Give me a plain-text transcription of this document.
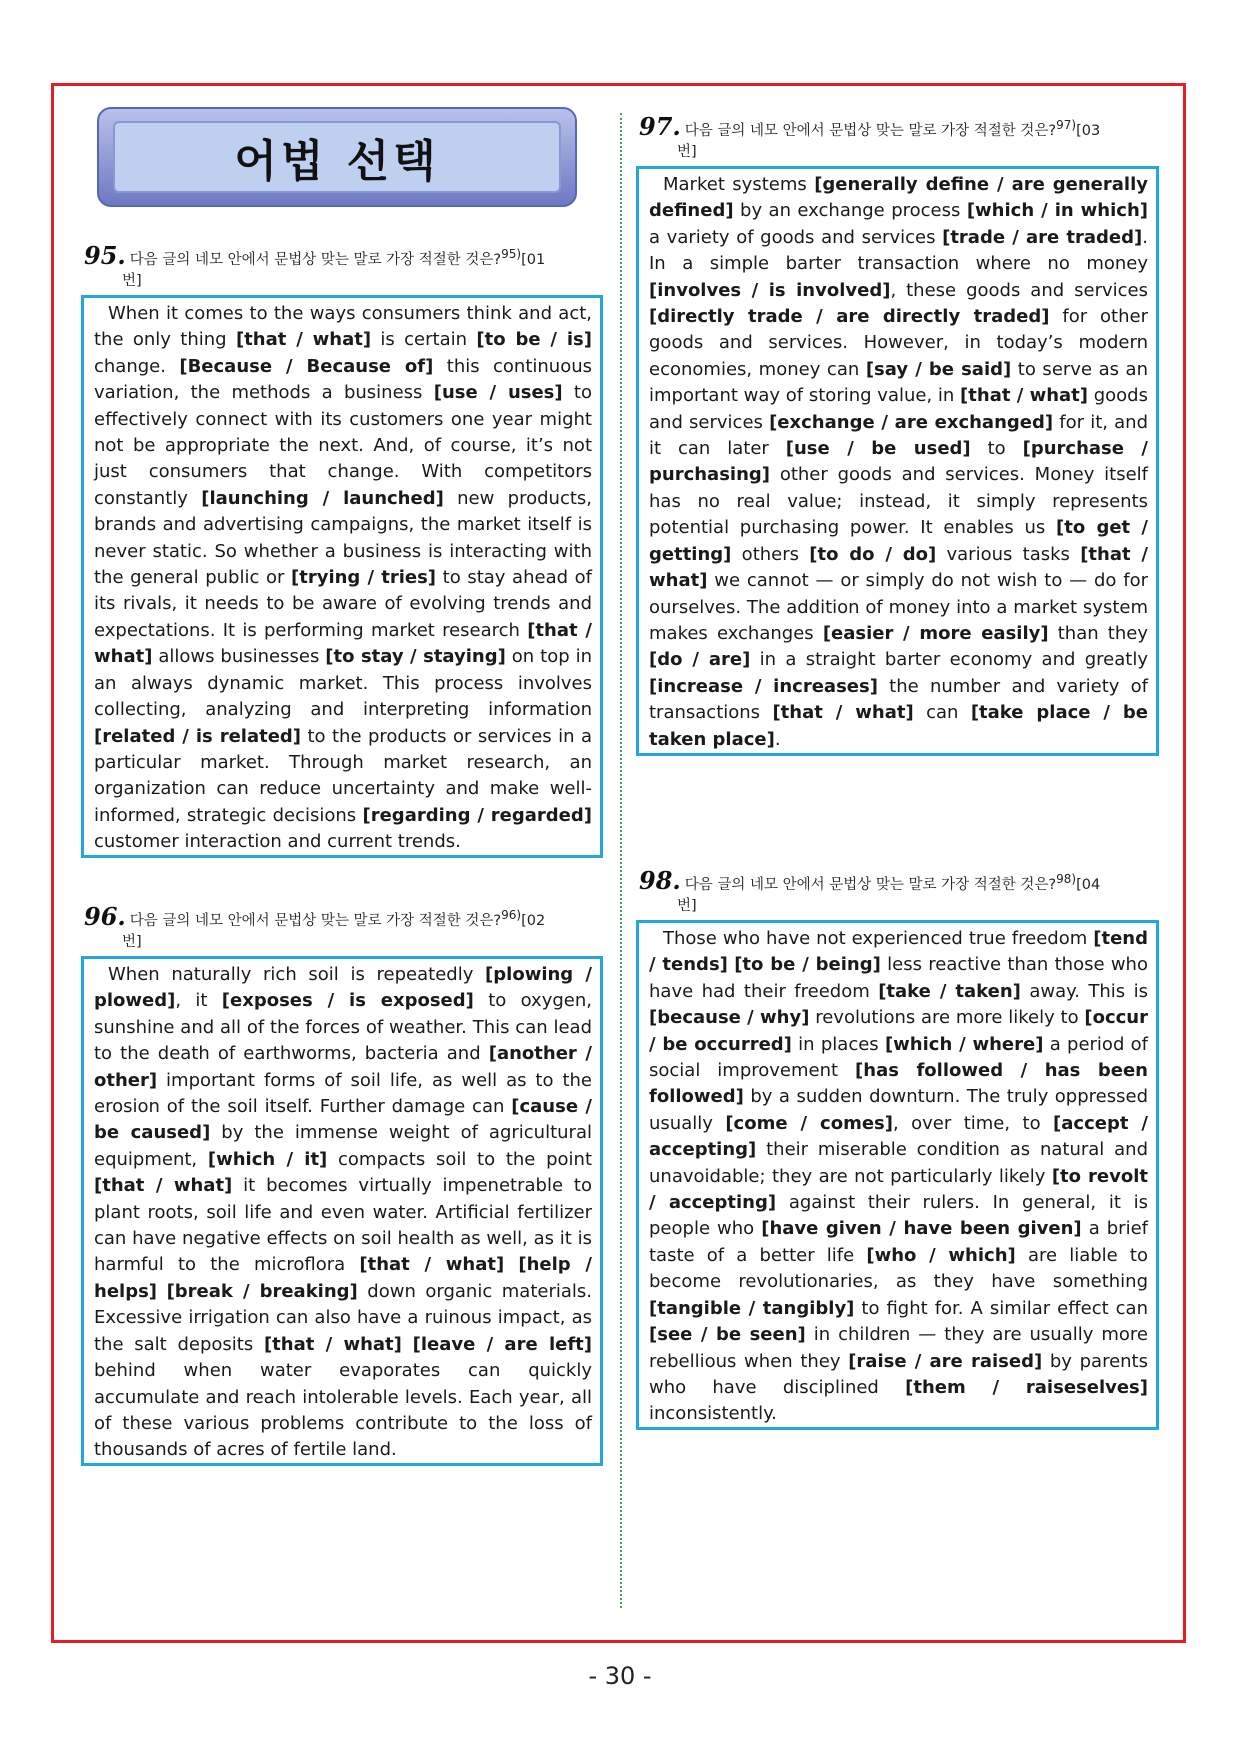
어법 선택
95. 다음 글의 네모 안에서 문법상 맞는 말로 가장 적절한 것은?$^{95)}$[01
번]
When it comes to the ways consumers think and act, the only thing [that / what] is certain [to be / is] change. [Because / Because of] this continuous variation, the methods a business [use / uses] to effectively connect with its customers one year might not be appropriate the next. And, of course, it’s not just consumers that change. With competitors constantly [launching / launched] new products, brands and advertising campaigns, the market itself is never static. So whether a business is interacting with the general public or [trying / tries] to stay ahead of its rivals, it needs to be aware of evolving trends and expectations. It is performing market research [that / what] allows businesses [to stay / staying] on top in an always dynamic market. This process involves collecting, analyzing and interpreting information [related / is related] to the products or services in a particular market. Through market research, an organization can reduce uncertainty and make well-informed, strategic decisions [regarding / regarded] customer interaction and current trends.
96. 다음 글의 네모 안에서 문법상 맞는 말로 가장 적절한 것은?$^{96)}$[02
번]
When naturally rich soil is repeatedly [plowing / plowed], it [exposes / is exposed] to oxygen, sunshine and all of the forces of weather. This can lead to the death of earthworms, bacteria and [another / other] important forms of soil life, as well as to the erosion of the soil itself. Further damage can [cause / be caused] by the immense weight of agricultural equipment, [which / it] compacts soil to the point [that / what] it becomes virtually impenetrable to plant roots, soil life and even water. Artificial fertilizer can have negative effects on soil health as well, as it is harmful to the microflora [that / what] [help / helps] [break / breaking] down organic materials. Excessive irrigation can also have a ruinous impact, as the salt deposits [that / what] [leave / are left] behind when water evaporates can quickly accumulate and reach intolerable levels. Each year, all of these various problems contribute to the loss of thousands of acres of fertile land.
97. 다음 글의 네모 안에서 문법상 맞는 말로 가장 적절한 것은?$^{97)}$[03
번]
Market systems [generally define / are generally defined] by an exchange process [which / in which] a variety of goods and services [trade / are traded]. In a simple barter transaction where no money [involves / is involved], these goods and services [directly trade / are directly traded] for other goods and services. However, in today’s modern economies, money can [say / be said] to serve as an important way of storing value, in [that / what] goods and services [exchange / are exchanged] for it, and it can later [use / be used] to [purchase / purchasing] other goods and services. Money itself has no real value; instead, it simply represents potential purchasing power. It enables us [to get / getting] others [to do / do] various tasks [that / what] we cannot — or simply do not wish to — do for ourselves. The addition of money into a market system makes exchanges [easier / more easily] than they [do / are] in a straight barter economy and greatly [increase / increases] the number and variety of transactions [that / what] can [take place / be taken place].
98. 다음 글의 네모 안에서 문법상 맞는 말로 가장 적절한 것은?$^{98)}$[04
번]
Those who have not experienced true freedom [tend / tends] [to be / being] less reactive than those who have had their freedom [take / taken] away. This is [because / why] revolutions are more likely to [occur / be occurred] in places [which / where] a period of social improvement [has followed / has been followed] by a sudden downturn. The truly oppressed usually [come / comes], over time, to [accept / accepting] their miserable condition as natural and unavoidable; they are not particularly likely [to revolt / accepting] against their rulers. In general, it is people who [have given / have been given] a brief taste of a better life [who / which] are liable to become revolutionaries, as they have something [tangible / tangibly] to fight for. A similar effect can [see / be seen] in children — they are usually more rebellious when they [raise / are raised] by parents who have disciplined [them / raiseselves] inconsistently.
- 30 -
